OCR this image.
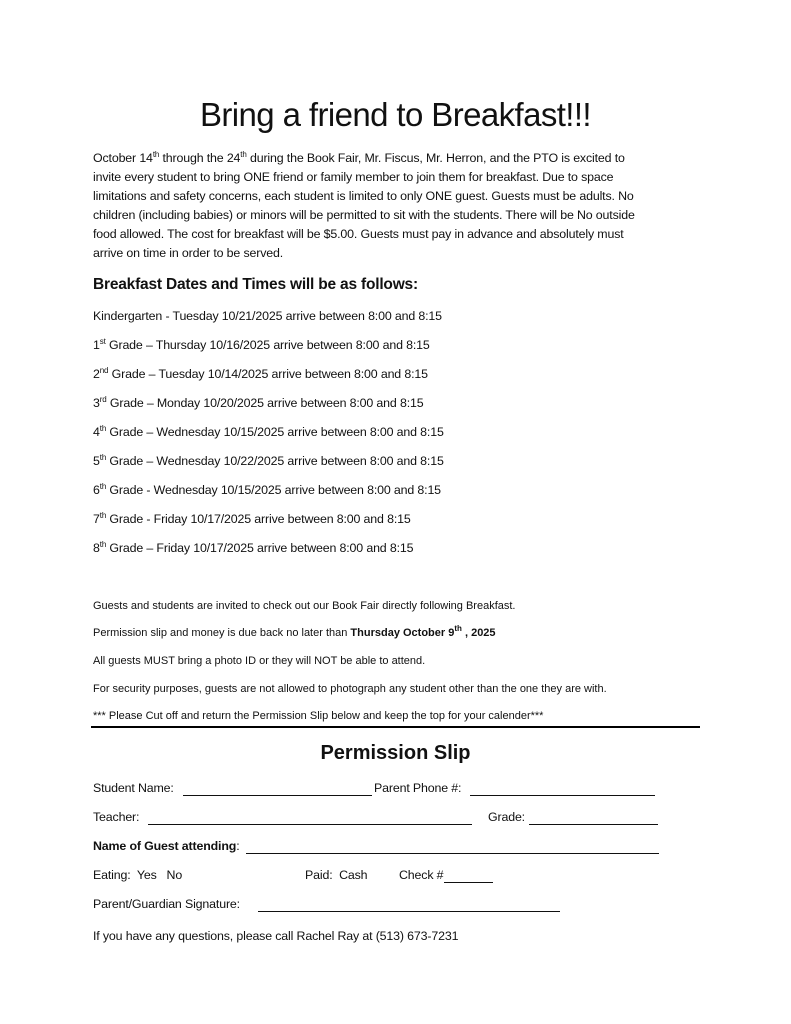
Bring a friend to Breakfast!!!
October 14th through the 24th during the Book Fair, Mr. Fiscus, Mr. Herron, and the PTO is excited to
invite every student to bring ONE friend or family member to join them for breakfast. Due to space
limitations and safety concerns, each student is limited to only ONE guest. Guests must be adults. No
children (including babies) or minors will be permitted to sit with the students. There will be No outside
food allowed. The cost for breakfast will be $5.00. Guests must pay in advance and absolutely must
arrive on time in order to be served.
Breakfast Dates and Times will be as follows:
Kindergarten - Tuesday 10/21/2025 arrive between 8:00 and 8:15
1st Grade – Thursday 10/16/2025 arrive between 8:00 and 8:15
2nd Grade – Tuesday 10/14/2025 arrive between 8:00 and 8:15
3rd Grade – Monday 10/20/2025 arrive between 8:00 and 8:15
4th Grade – Wednesday 10/15/2025 arrive between 8:00 and 8:15
5th Grade – Wednesday 10/22/2025 arrive between 8:00 and 8:15
6th Grade - Wednesday 10/15/2025 arrive between 8:00 and 8:15
7th Grade - Friday 10/17/2025 arrive between 8:00 and 8:15
8th Grade – Friday 10/17/2025 arrive between 8:00 and 8:15
Guests and students are invited to check out our Book Fair directly following Breakfast.
Permission slip and money is due back no later than Thursday October 9th , 2025
All guests MUST bring a photo ID or they will NOT be able to attend.
For security purposes, guests are not allowed to photograph any student other than the one they are with.
*** Please Cut off and return the Permission Slip below and keep the top for your calender***
Permission Slip
Student Name:	Parent Phone #:
Teacher:	Grade:
Name of Guest attending:
Eating:  Yes   No	Paid:  Cash	Check #
Parent/Guardian Signature:
If you have any questions, please call Rachel Ray at (513) 673-7231
